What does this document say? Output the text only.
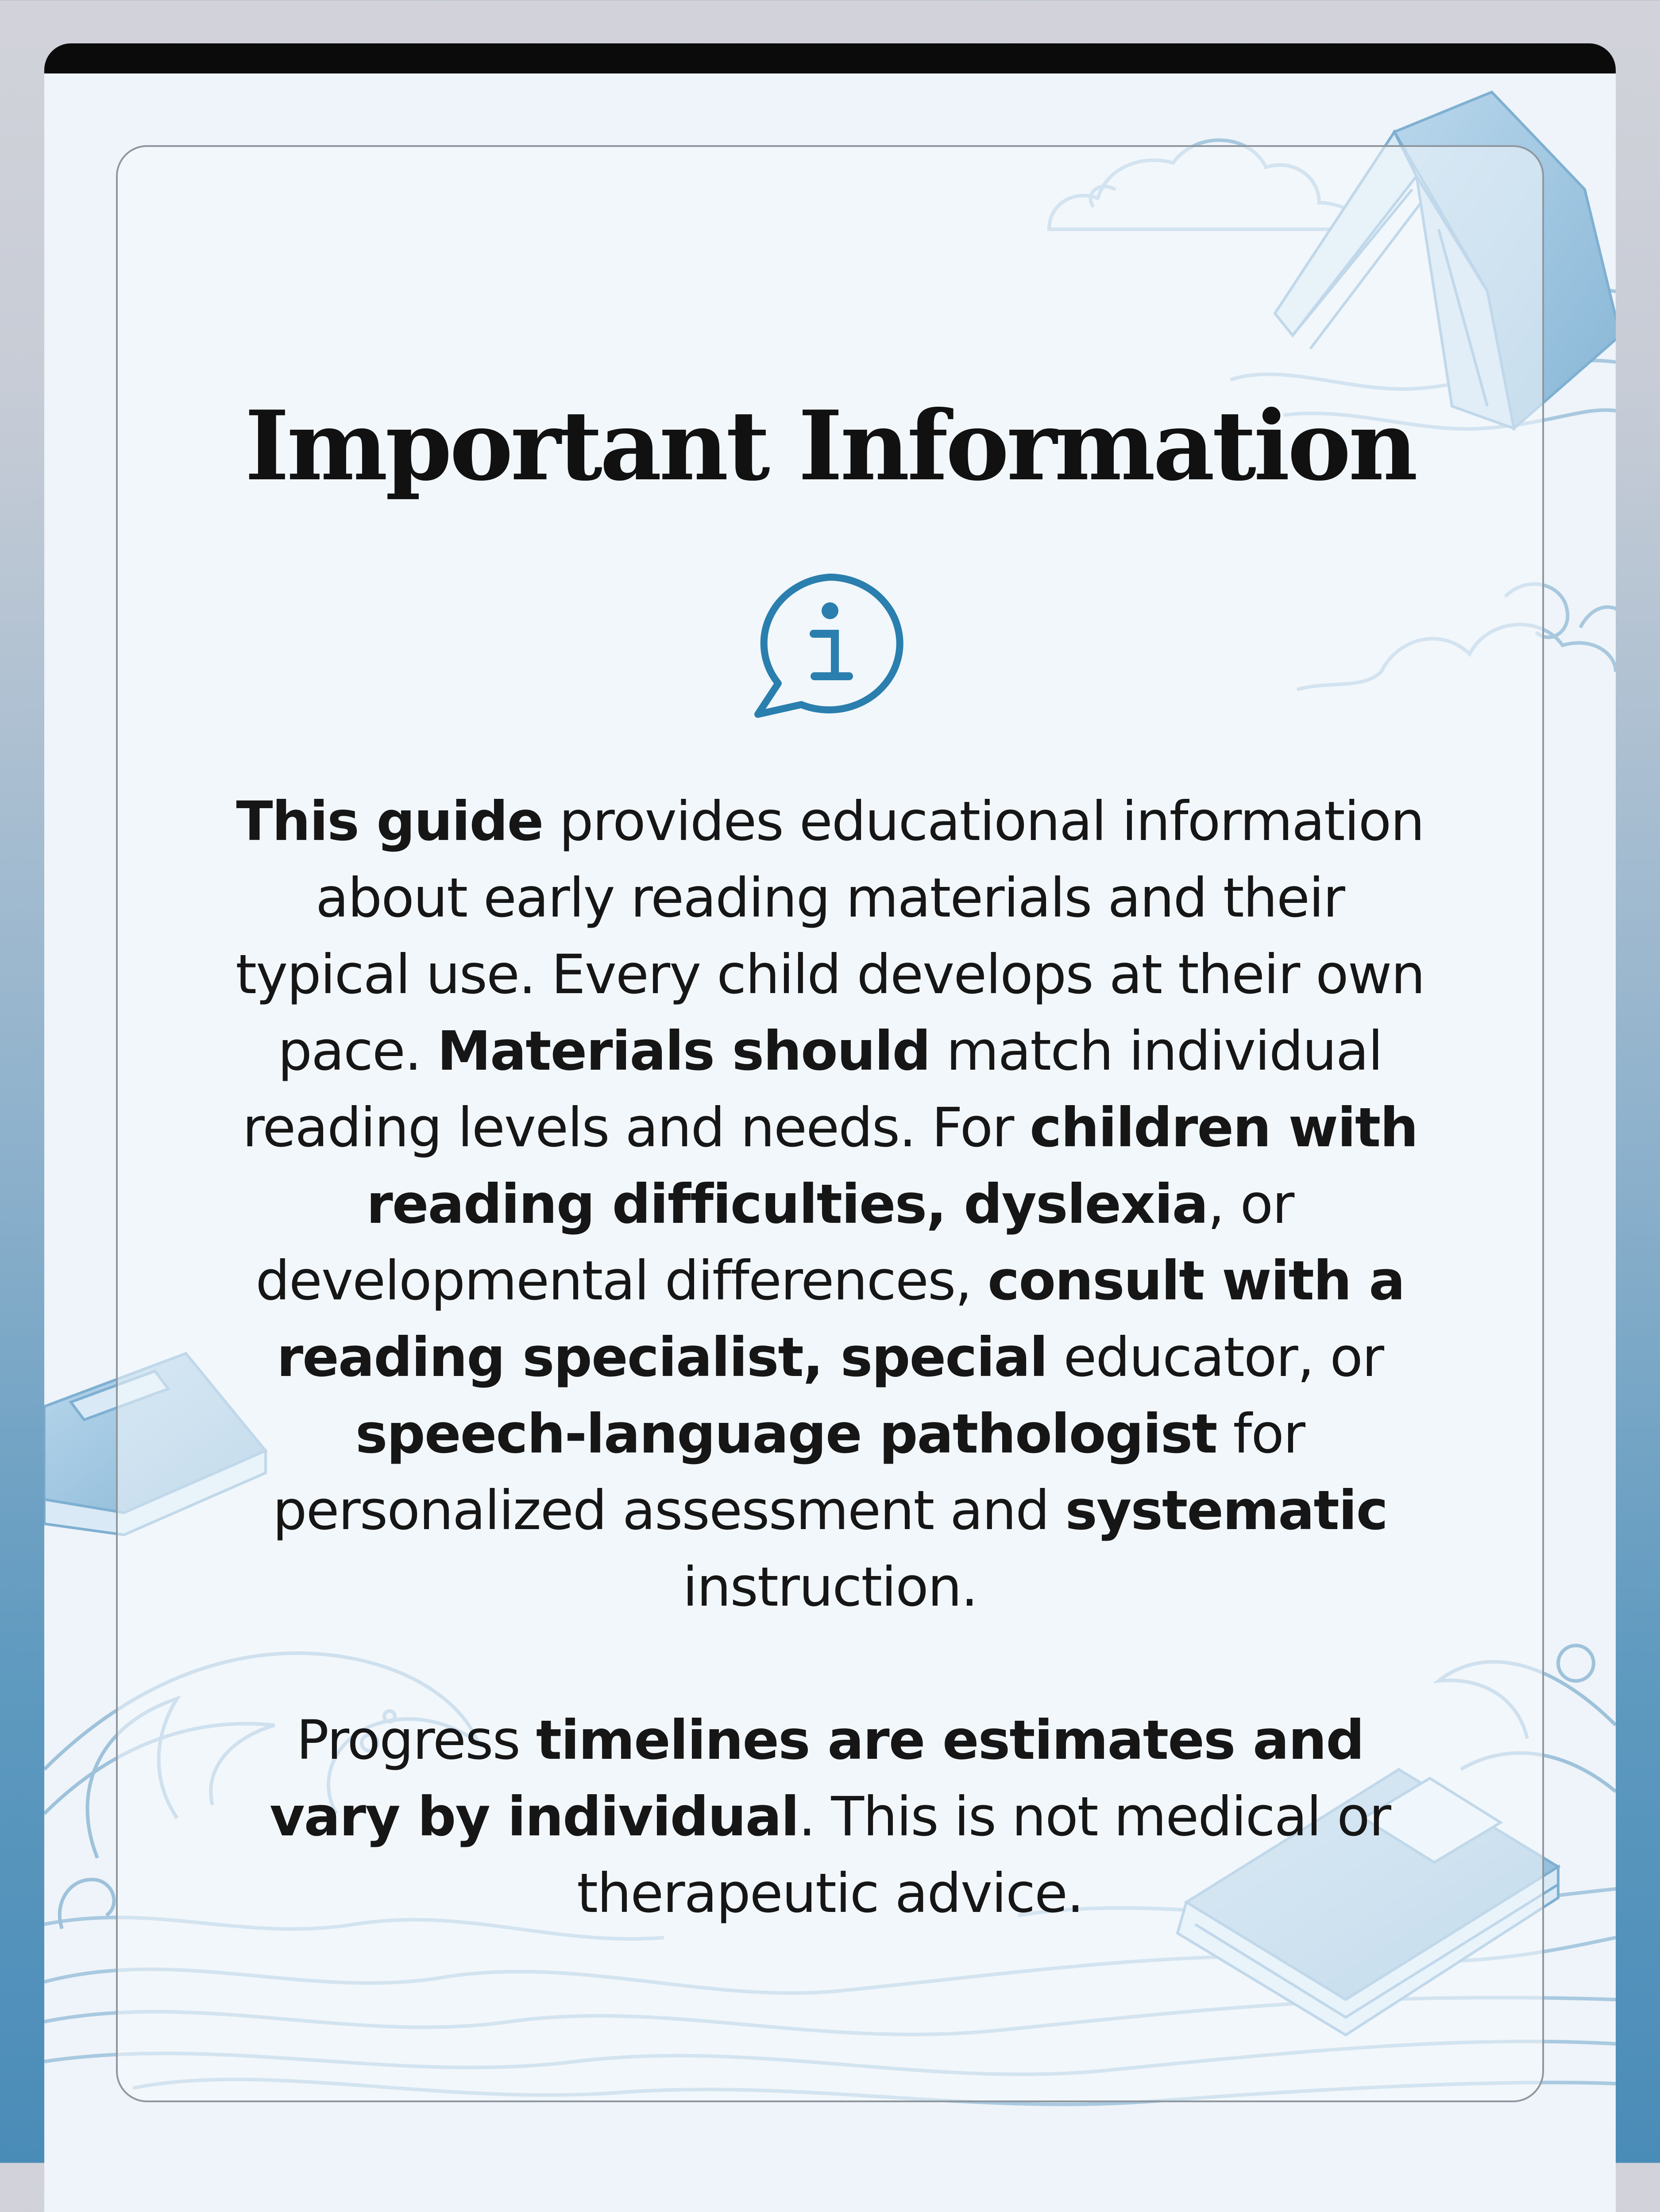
Important Information

This guide provides educational information about early reading materials and their typical use. Every child develops at their own pace. Materials should match individual reading levels and needs. For children with reading difficulties, dyslexia, or developmental differences, consult with a reading specialist, special educator, or speech-language pathologist for personalized assessment and systematic instruction.

Progress timelines are estimates and vary by individual. This is not medical or therapeutic advice.
